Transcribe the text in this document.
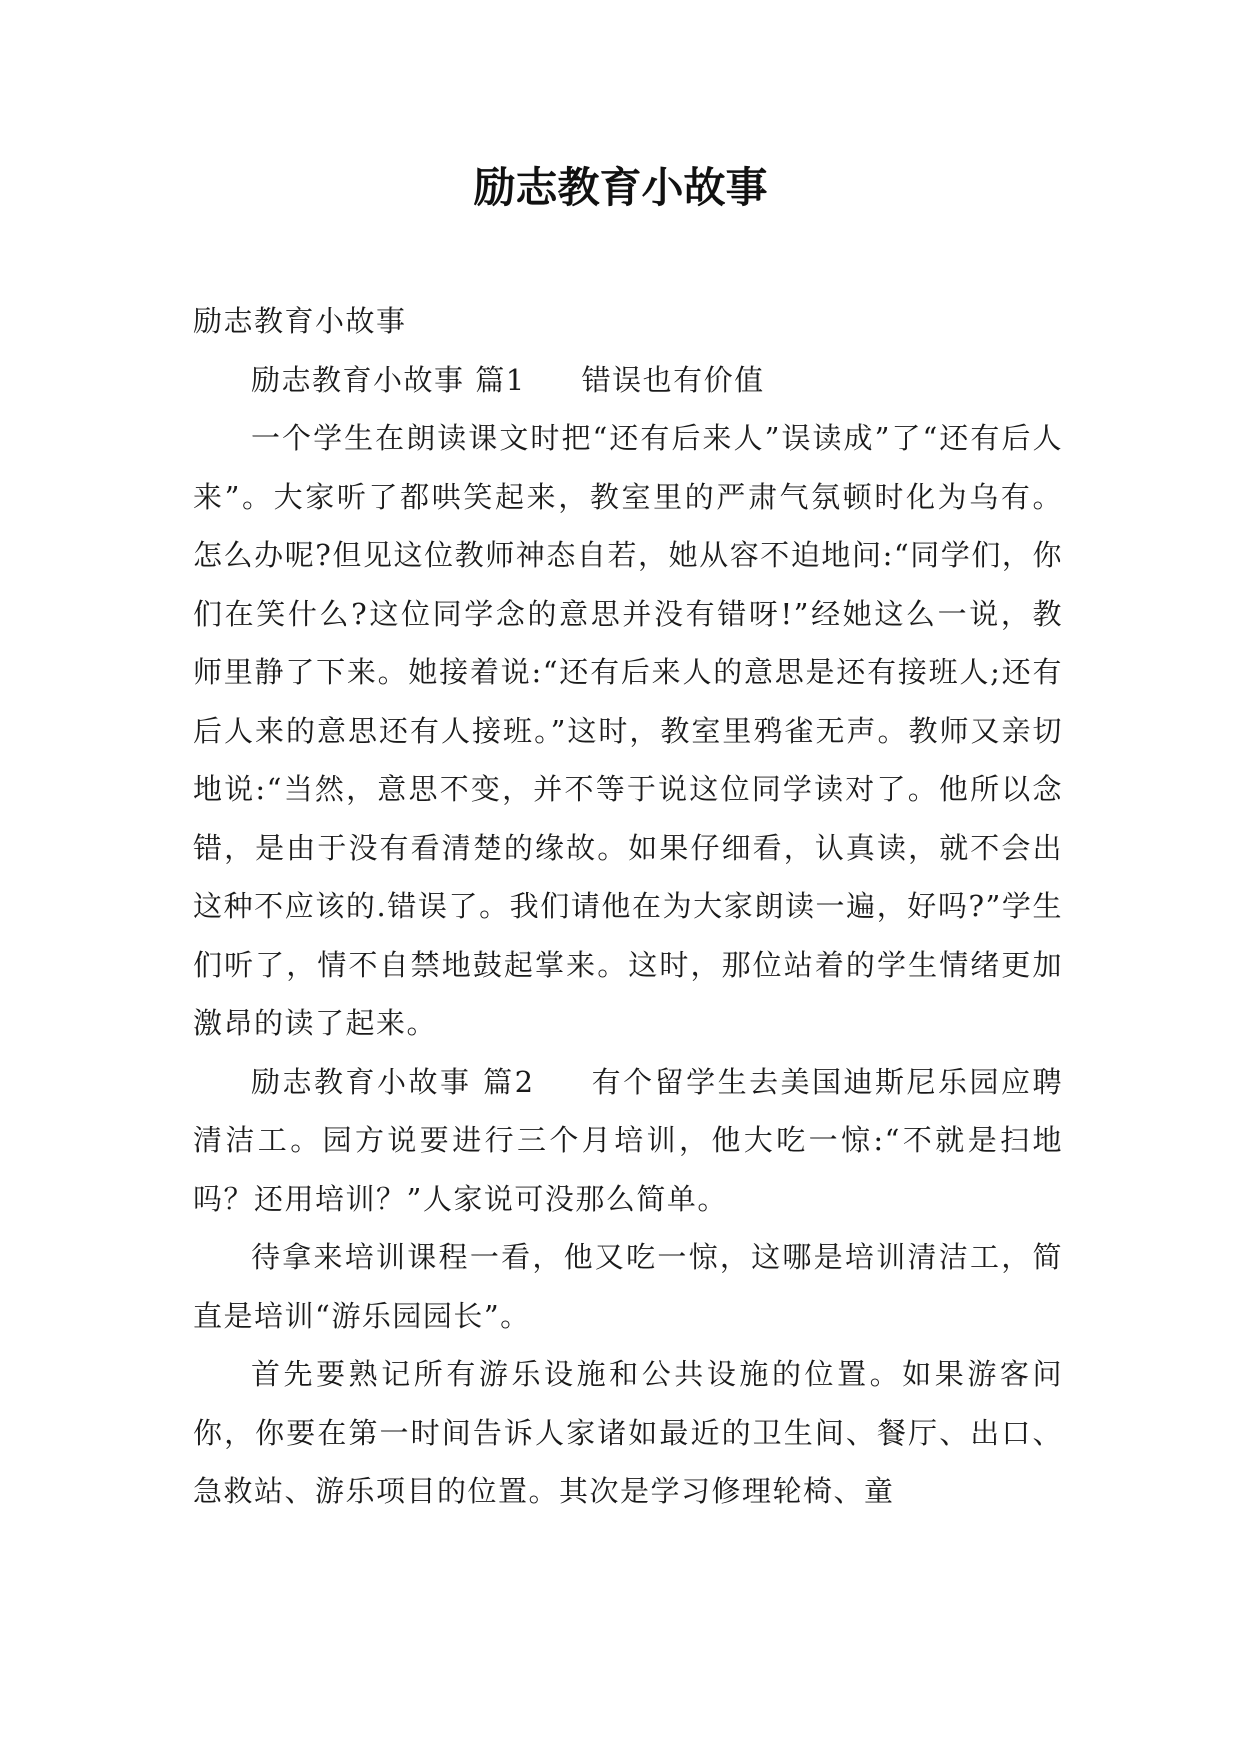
励志教育小故事

励志教育小故事

励志教育小故事 篇1 错误也有价值

一个学生在朗读课文时把“还有后来人”误读成”了“还有后人来”。大家听了都哄笑起来，教室里的严肃气氛顿时化为乌有。怎么办呢?但见这位教师神态自若，她从容不迫地问:“同学们，你们在笑什么?这位同学念的意思并没有错呀!”经她这么一说，教师里静了下来。她接着说:“还有后来人的意思是还有接班人;还有后人来的意思还有人接班。”这时，教室里鸦雀无声。教师又亲切地说:“当然，意思不变，并不等于说这位同学读对了。他所以念错，是由于没有看清楚的缘故。如果仔细看，认真读，就不会出这种不应该的.错误了。我们请他在为大家朗读一遍，好吗?”学生们听了，情不自禁地鼓起掌来。这时，那位站着的学生情绪更加激昂的读了起来。

励志教育小故事 篇2 有个留学生去美国迪斯尼乐园应聘清洁工。园方说要进行三个月培训，他大吃一惊:“不就是扫地吗？还用培训？”人家说可没那么简单。

待拿来培训课程一看，他又吃一惊，这哪是培训清洁工，简直是培训“游乐园园长”。

首先要熟记所有游乐设施和公共设施的位置。如果游客问你，你要在第一时间告诉人家诸如最近的卫生间、餐厅、出口、急救站、游乐项目的位置。其次是学习修理轮椅、童
